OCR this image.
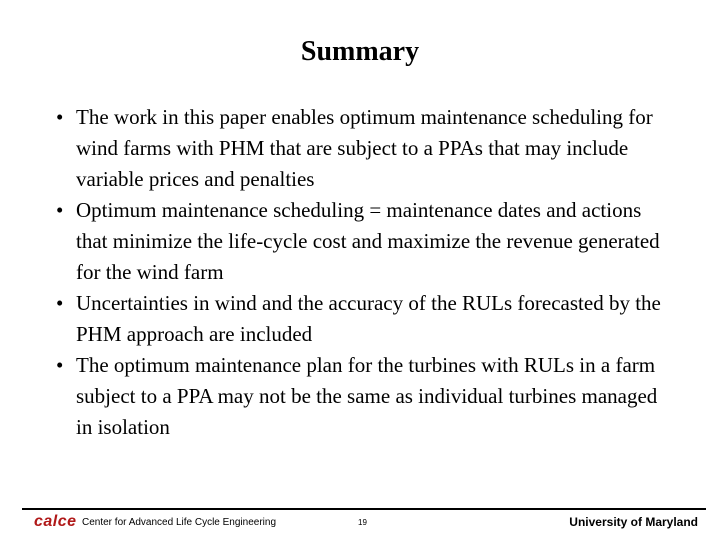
Summary
• The work in this paper enables optimum maintenance scheduling for wind farms with PHM that are subject to a PPAs that may include variable prices and penalties
• Optimum maintenance scheduling = maintenance dates and actions that minimize the life-cycle cost and maximize the revenue generated for the wind farm
• Uncertainties in wind and the accuracy of the RULs forecasted by the PHM approach are included
• The optimum maintenance plan for the turbines with RULs in a farm subject to a PPA may not be the same as individual turbines managed in isolation
calce Center for Advanced Life Cycle Engineering	19	University of Maryland
